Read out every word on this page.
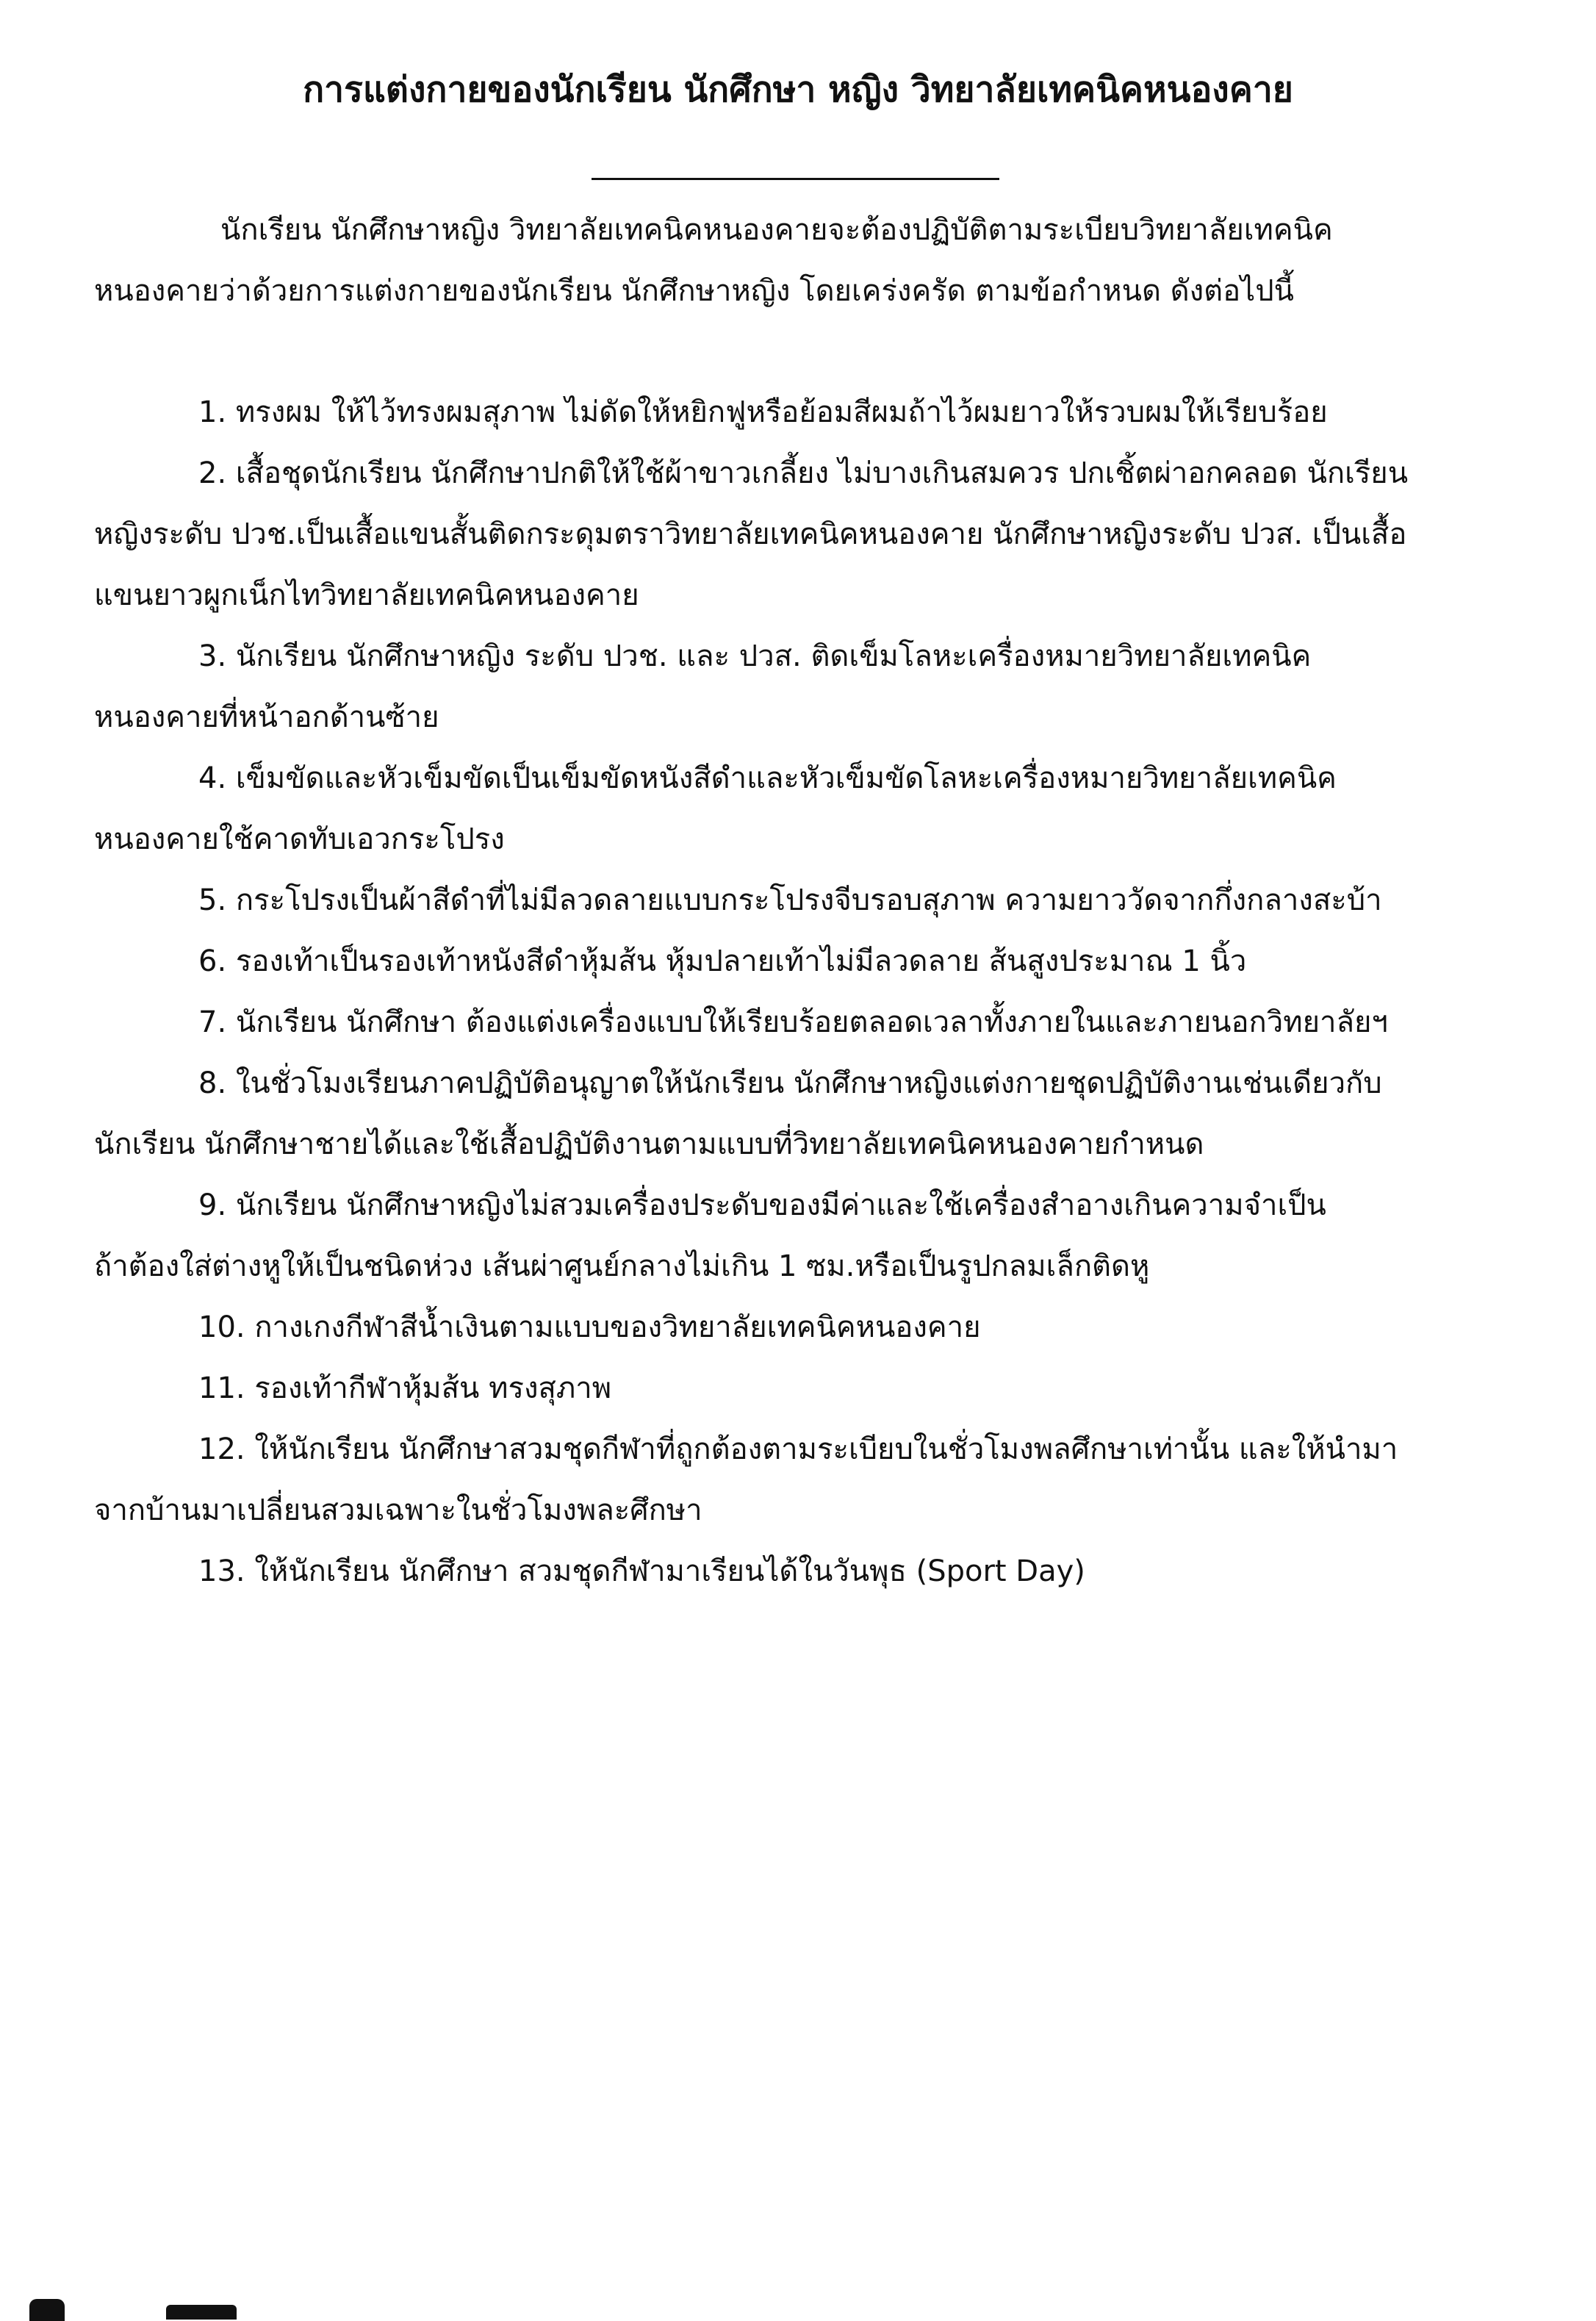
การแต่งกายของนักเรียน นักศึกษา หญิง วิทยาลัยเทคนิคหนองคาย

นักเรียน นักศึกษาหญิง วิทยาลัยเทคนิคหนองคายจะต้องปฏิบัติตามระเบียบวิทยาลัยเทคนิค
หนองคายว่าด้วยการแต่งกายของนักเรียน นักศึกษาหญิง โดยเคร่งครัด ตามข้อกำหนด ดังต่อไปนี้

1. ทรงผม ให้ไว้ทรงผมสุภาพ ไม่ดัดให้หยิกฟูหรือย้อมสีผมถ้าไว้ผมยาวให้รวบผมให้เรียบร้อย
2. เสื้อชุดนักเรียน นักศึกษาปกติให้ใช้ผ้าขาวเกลี้ยง ไม่บางเกินสมควร ปกเชิ้ตผ่าอกคลอด นักเรียน
หญิงระดับ ปวช.เป็นเสื้อแขนสั้นติดกระดุมตราวิทยาลัยเทคนิคหนองคาย นักศึกษาหญิงระดับ ปวส. เป็นเสื้อ
แขนยาวผูกเน็กไทวิทยาลัยเทคนิคหนองคาย
3. นักเรียน นักศึกษาหญิง ระดับ ปวช. และ ปวส. ติดเข็มโลหะเครื่องหมายวิทยาลัยเทคนิค
หนองคายที่หน้าอกด้านซ้าย
4. เข็มขัดและหัวเข็มขัดเป็นเข็มขัดหนังสีดำและหัวเข็มขัดโลหะเครื่องหมายวิทยาลัยเทคนิค
หนองคายใช้คาดทับเอวกระโปรง
5. กระโปรงเป็นผ้าสีดำที่ไม่มีลวดลายแบบกระโปรงจีบรอบสุภาพ ความยาววัดจากกึ่งกลางสะบ้า
6. รองเท้าเป็นรองเท้าหนังสีดำหุ้มส้น หุ้มปลายเท้าไม่มีลวดลาย ส้นสูงประมาณ 1 นิ้ว
7. นักเรียน นักศึกษา ต้องแต่งเครื่องแบบให้เรียบร้อยตลอดเวลาทั้งภายในและภายนอกวิทยาลัยฯ
8. ในชั่วโมงเรียนภาคปฏิบัติอนุญาตให้นักเรียน นักศึกษาหญิงแต่งกายชุดปฏิบัติงานเช่นเดียวกับ
นักเรียน นักศึกษาชายได้และใช้เสื้อปฏิบัติงานตามแบบที่วิทยาลัยเทคนิคหนองคายกำหนด
9. นักเรียน นักศึกษาหญิงไม่สวมเครื่องประดับของมีค่าและใช้เครื่องสำอางเกินความจำเป็น
ถ้าต้องใส่ต่างหูให้เป็นชนิดห่วง เส้นผ่าศูนย์กลางไม่เกิน 1 ซม.หรือเป็นรูปกลมเล็กติดหู
10. กางเกงกีฬาสีน้ำเงินตามแบบของวิทยาลัยเทคนิคหนองคาย
11. รองเท้ากีฬาหุ้มส้น ทรงสุภาพ
12. ให้นักเรียน นักศึกษาสวมชุดกีฬาที่ถูกต้องตามระเบียบในชั่วโมงพลศึกษาเท่านั้น และให้นำมา
จากบ้านมาเปลี่ยนสวมเฉพาะในชั่วโมงพละศึกษา
13. ให้นักเรียน นักศึกษา สวมชุดกีฬามาเรียนได้ในวันพุธ (Sport Day)
